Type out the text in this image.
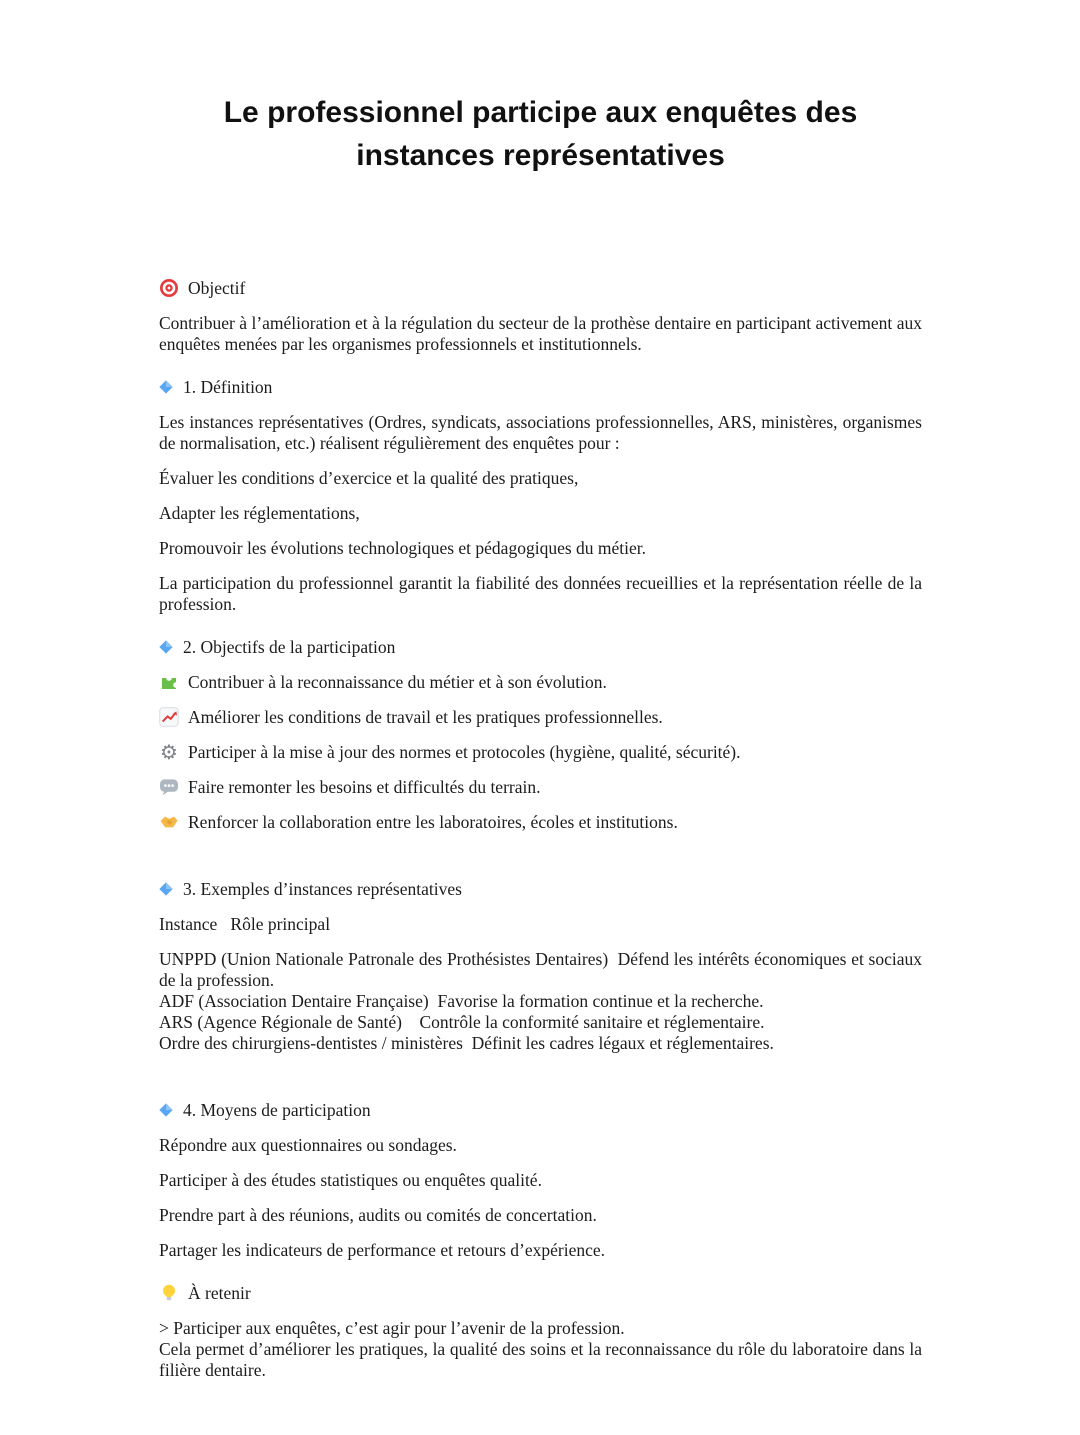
Le professionnel participe aux enquêtes des instances représentatives
Objectif

Contribuer à l’amélioration et à la régulation du secteur de la prothèse dentaire en participant activement aux enquêtes menées par les organismes professionnels et institutionnels.

1. Définition

Les instances représentatives (Ordres, syndicats, associations professionnelles, ARS, ministères, organismes de normalisation, etc.) réalisent régulièrement des enquêtes pour :

Évaluer les conditions d’exercice et la qualité des pratiques,

Adapter les réglementations,

Promouvoir les évolutions technologiques et pédagogiques du métier.

La participation du professionnel garantit la fiabilité des données recueillies et la représentation réelle de la profession.

2. Objectifs de la participation
Contribuer à la reconnaissance du métier et à son évolution.
Améliorer les conditions de travail et les pratiques professionnelles.
⚙ Participer à la mise à jour des normes et protocoles (hygiène, qualité, sécurité).
Faire remonter les besoins et difficultés du terrain.
Renforcer la collaboration entre les laboratoires, écoles et institutions.
3. Exemples d’instances représentatives

Instance   Rôle principal

UNPPD (Union Nationale Patronale des Prothésistes Dentaires)  Défend les intérêts économiques et sociaux de la profession.
ADF (Association Dentaire Française)  Favorise la formation continue et la recherche.
ARS (Agence Régionale de Santé)    Contrôle la conformité sanitaire et réglementaire.
Ordre des chirurgiens-dentistes / ministères  Définit les cadres légaux et réglementaires.
4. Moyens de participation

Répondre aux questionnaires ou sondages.

Participer à des études statistiques ou enquêtes qualité.

Prendre part à des réunions, audits ou comités de concertation.

Partager les indicateurs de performance et retours d’expérience.

À retenir
> Participer aux enquêtes, c’est agir pour l’avenir de la profession.
Cela permet d’améliorer les pratiques, la qualité des soins et la reconnaissance du rôle du laboratoire dans la filière dentaire.
